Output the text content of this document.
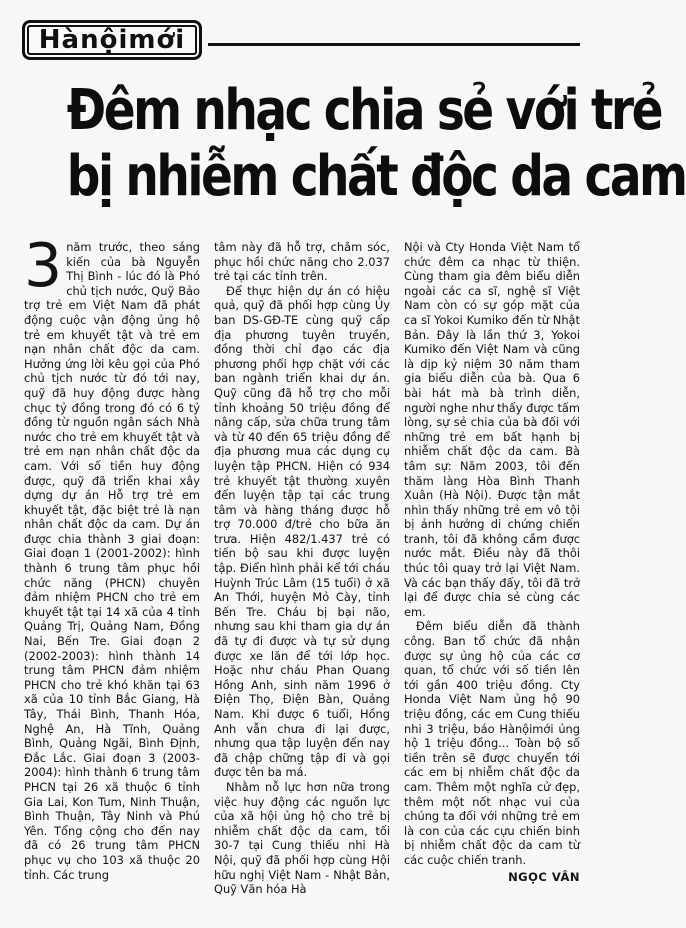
Hànộimới
Đêm nhạc chia sẻ với trẻ
bị nhiễm chất độc da cam
3 năm trước, theo sáng kiến của bà Nguyễn Thị Bình - lúc đó là Phó chủ tịch nước, Quỹ Bảo trợ trẻ em Việt Nam đã phát động cuộc vận động ủng hộ trẻ em khuyết tật và trẻ em nạn nhân chất độc da cam. Hưởng ứng lời kêu gọi của Phó chủ tịch nước từ đó tới nay, quỹ đã huy động được hàng chục tỷ đồng trong đó có 6 tỷ đồng từ nguồn ngân sách Nhà nước cho trẻ em khuyết tật và trẻ em nạn nhân chất độc da cam. Với số tiền huy động được, quỹ đã triển khai xây dựng dự án Hỗ trợ trẻ em khuyết tật, đặc biệt trẻ là nạn nhân chất độc da cam. Dự án được chia thành 3 giai đoạn: Giai đoạn 1 (2001-2002): hình thành 6 trung tâm phục hồi chức năng (PHCN) chuyên đảm nhiệm PHCN cho trẻ em khuyết tật tại 14 xã của 4 tỉnh Quảng Trị, Quảng Nam, Đồng Nai, Bến Tre. Giai đoạn 2 (2002-2003): hình thành 14 trung tâm PHCN đảm nhiệm PHCN cho trẻ khó khăn tại 63 xã của 10 tỉnh Bắc Giang, Hà Tây, Thái Bình, Thanh Hóa, Nghệ An, Hà Tĩnh, Quảng Bình, Quảng Ngãi, Bình Định, Đắc Lắc. Giai đoạn 3 (2003-2004): hình thành 6 trung tâm PHCN tại 26 xã thuộc 6 tỉnh Gia Lai, Kon Tum, Ninh Thuận, Bình Thuận, Tây Ninh và Phú Yên. Tổng cộng cho đến nay đã có 26 trung tâm PHCN phục vụ cho 103 xã thuộc 20 tỉnh. Các trung

tâm này đã hỗ trợ, chăm sóc, phục hồi chức năng cho 2.037 trẻ tại các tỉnh trên.

Để thực hiện dự án có hiệu quả, quỹ đã phối hợp cùng Ủy ban DS-GĐ-TE cùng quỹ cấp địa phương tuyên truyền, đồng thời chỉ đạo các địa phương phối hợp chặt với các ban ngành triển khai dự án. Quỹ cũng đã hỗ trợ cho mỗi tỉnh khoảng 50 triệu đồng để nâng cấp, sửa chữa trung tâm và từ 40 đến 65 triệu đồng để địa phương mua các dụng cụ luyện tập PHCN. Hiện có 934 trẻ khuyết tật thường xuyên đến luyện tập tại các trung tâm và hàng tháng được hỗ trợ 70.000 đ/trẻ cho bữa ăn trưa. Hiện 482/1.437 trẻ có tiến bộ sau khi được luyện tập. Điển hình phải kể tới cháu Huỳnh Trúc Lâm (15 tuổi) ở xã An Thới, huyện Mỏ Cày, tỉnh Bến Tre. Cháu bị bại não, nhưng sau khi tham gia dự án đã tự đi được và tự sử dụng được xe lăn để tới lớp học. Hoặc như cháu Phan Quang Hồng Anh, sinh năm 1996 ở Điện Thọ, Điện Bàn, Quảng Nam. Khi được 6 tuổi, Hồng Anh vẫn chưa đi lại được, nhưng qua tập luyện đến nay đã chập chững tập đi và gọi được tên ba má.

Nhằm nỗ lực hơn nữa trong việc huy động các nguồn lực của xã hội ủng hộ cho trẻ bị nhiễm chất độc da cam, tối 30-7 tại Cung thiếu nhi Hà Nội, quỹ đã phối hợp cùng Hội hữu nghị Việt Nam - Nhật Bản, Quỹ Văn hóa Hà

Nội và Cty Honda Việt Nam tổ chức đêm ca nhạc từ thiện. Cùng tham gia đêm biểu diễn ngoài các ca sĩ, nghệ sĩ Việt Nam còn có sự góp mặt của ca sĩ Yokoi Kumiko đến từ Nhật Bản. Đây là lần thứ 3, Yokoi Kumiko đến Việt Nam và cũng là dịp kỷ niệm 30 năm tham gia biểu diễn của bà. Qua 6 bài hát mà bà trình diễn, người nghe như thấy được tấm lòng, sự sẻ chia của bà đối với những trẻ em bất hạnh bị nhiễm chất độc da cam. Bà tâm sự: Năm 2003, tôi đến thăm làng Hòa Bình Thanh Xuân (Hà Nội). Được tận mắt nhìn thấy những trẻ em vô tội bị ảnh hưởng di chứng chiến tranh, tôi đã không cầm được nước mắt. Điều này đã thôi thúc tôi quay trở lại Việt Nam. Và các bạn thấy đấy, tôi đã trở lại để được chia sẻ cùng các em.

Đêm biểu diễn đã thành công. Ban tổ chức đã nhận được sự ủng hộ của các cơ quan, tổ chức với số tiền lên tới gần 400 triệu đồng. Cty Honda Việt Nam ủng hộ 90 triệu đồng, các em Cung thiếu nhi 3 triệu, báo Hànộimới ủng hộ 1 triệu đồng... Toàn bộ số tiền trên sẽ được chuyển tới các em bị nhiễm chất độc da cam. Thêm một nghĩa cử đẹp, thêm một nốt nhạc vui của chúng ta đối với những trẻ em là con của các cựu chiến binh bị nhiễm chất độc da cam từ các cuộc chiến tranh.

NGỌC VÂN
